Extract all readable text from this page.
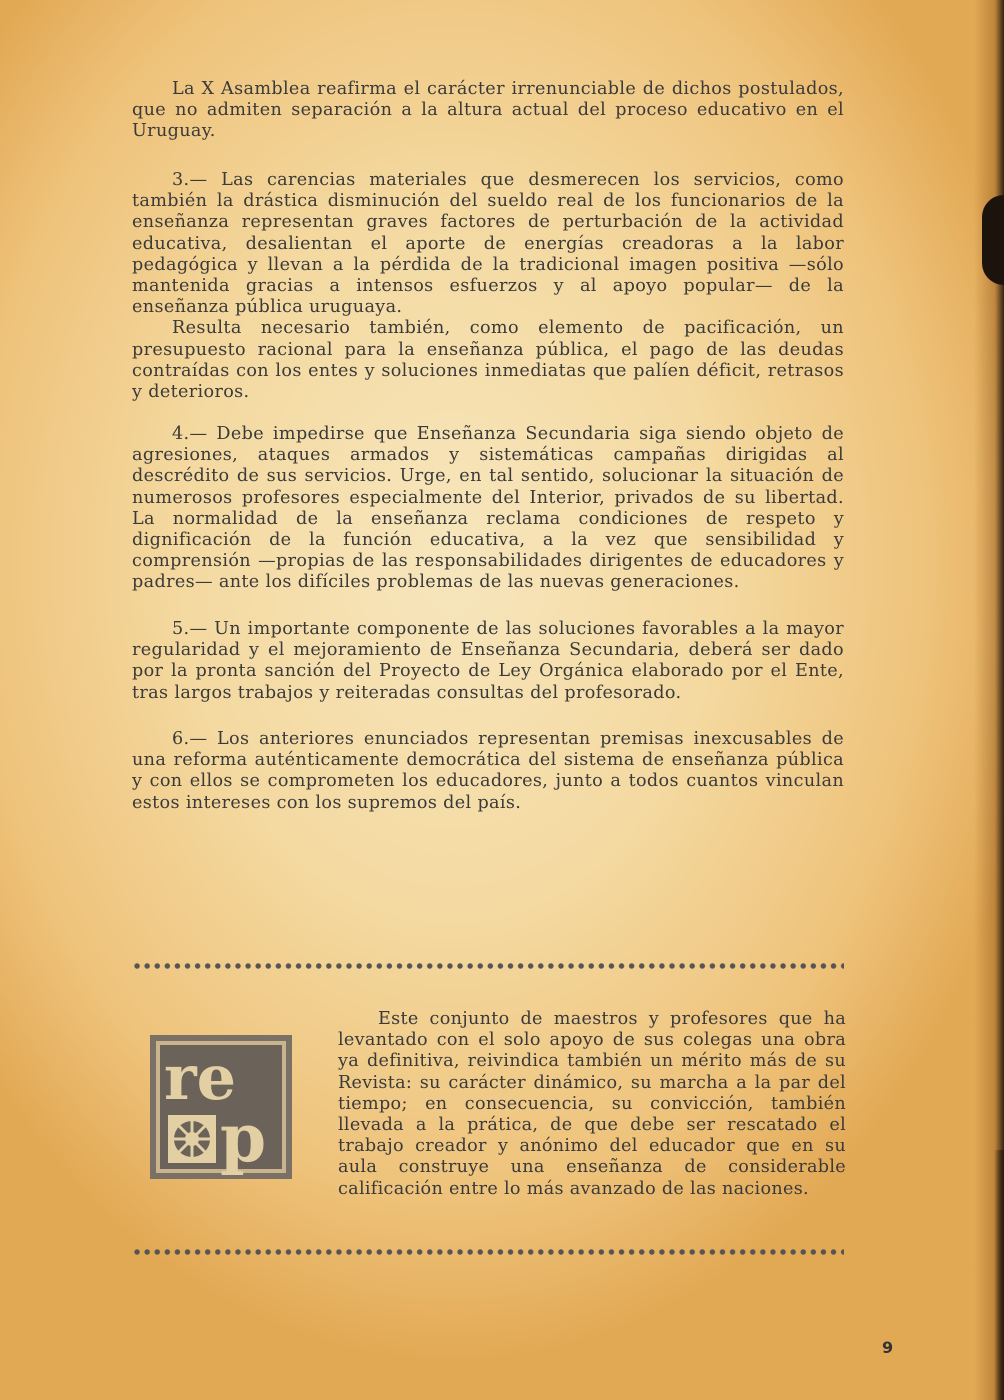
La X Asamblea reafirma el carácter irrenunciable de dichos postulados, que no admiten separación a la altura actual del proceso educativo en el Uruguay.

3.— Las carencias materiales que desmerecen los servicios, como también la drástica disminución del sueldo real de los funcionarios de la enseñanza representan graves factores de perturbación de la actividad educativa, desalientan el aporte de energías creadoras a la labor pedagógica y llevan a la pérdida de la tradicional imagen positiva —sólo mantenida gracias a intensos esfuerzos y al apoyo popular— de la enseñanza pública uruguaya.

Resulta necesario también, como elemento de pacificación, un presupuesto racional para la enseñanza pública, el pago de las deudas contraídas con los entes y soluciones inmediatas que palíen déficit, retrasos y deterioros.

4.— Debe impedirse que Enseñanza Secundaria siga siendo objeto de agresiones, ataques armados y sistemáticas campañas dirigidas al descrédito de sus servicios. Urge, en tal sentido, solucionar la situación de numerosos profesores especialmente del Interior, privados de su libertad. La normalidad de la enseñanza reclama condiciones de respeto y dignificación de la función educativa, a la vez que sensibilidad y comprensión —propias de las responsabilidades dirigentes de educadores y padres— ante los difíciles problemas de las nuevas generaciones.

5.— Un importante componente de las soluciones favorables a la mayor regularidad y el mejoramiento de Enseñanza Secundaria, deberá ser dado por la pronta sanción del Proyecto de Ley Orgánica elaborado por el Ente, tras largos trabajos y reiteradas consultas del profesorado.

6.— Los anteriores enunciados representan premisas inexcusables de una reforma auténticamente democrática del sistema de enseñanza pública y con ellos se comprometen los educadores, junto a todos cuantos vinculan estos intereses con los supremos del país.

re
p

Este conjunto de maestros y profesores que ha levantado con el solo apoyo de sus colegas una obra ya definitiva, reivindica también un mérito más de su Revista: su carácter dinámico, su marcha a la par del tiempo; en consecuencia, su convicción, también llevada a la prática, de que debe ser rescatado el trabajo creador y anónimo del educador que en su aula construye una enseñanza de considerable calificación entre lo más avanzado de las naciones.

9
